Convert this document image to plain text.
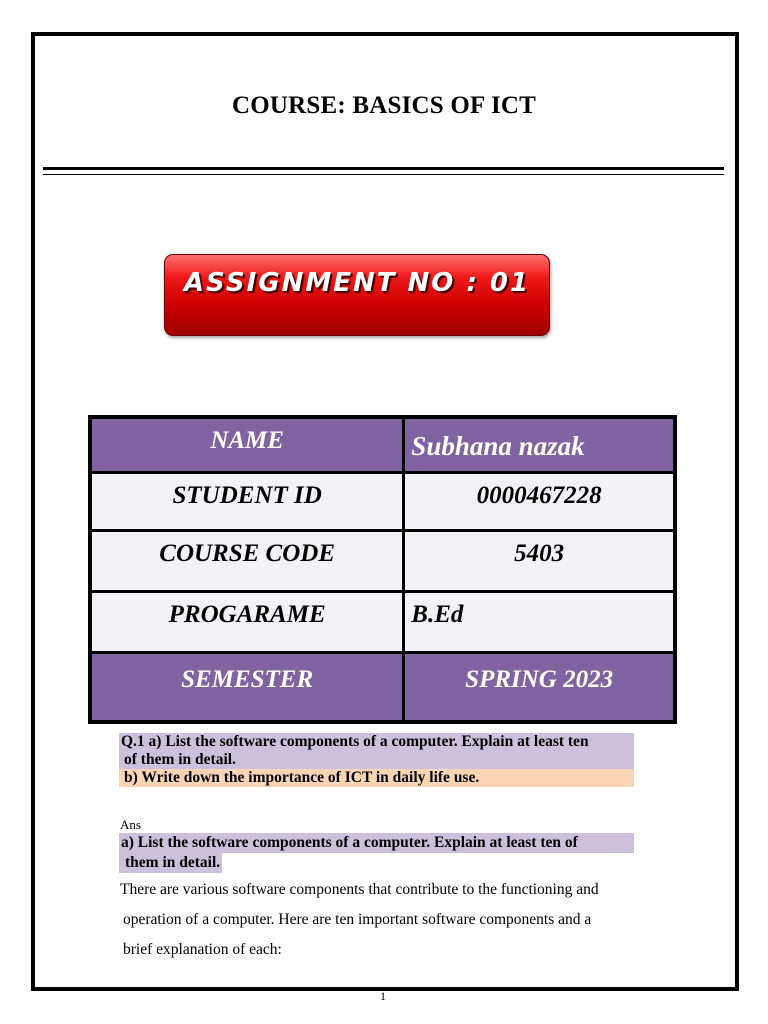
COURSE: BASICS OF ICT
ASSIGNMENT NO : 01
NAME	Subhana nazak
STUDENT ID	0000467228
COURSE CODE	5403
PROGARAME	B.Ed
SEMESTER	SPRING 2023
Q.1 a) List the software components of a computer. Explain at least ten
of them in detail.
b) Write down the importance of ICT in daily life use.
Ans
a) List the software components of a computer. Explain at least ten of
them in detail.
There are various software components that contribute to the functioning and
operation of a computer. Here are ten important software components and a
brief explanation of each:
1
